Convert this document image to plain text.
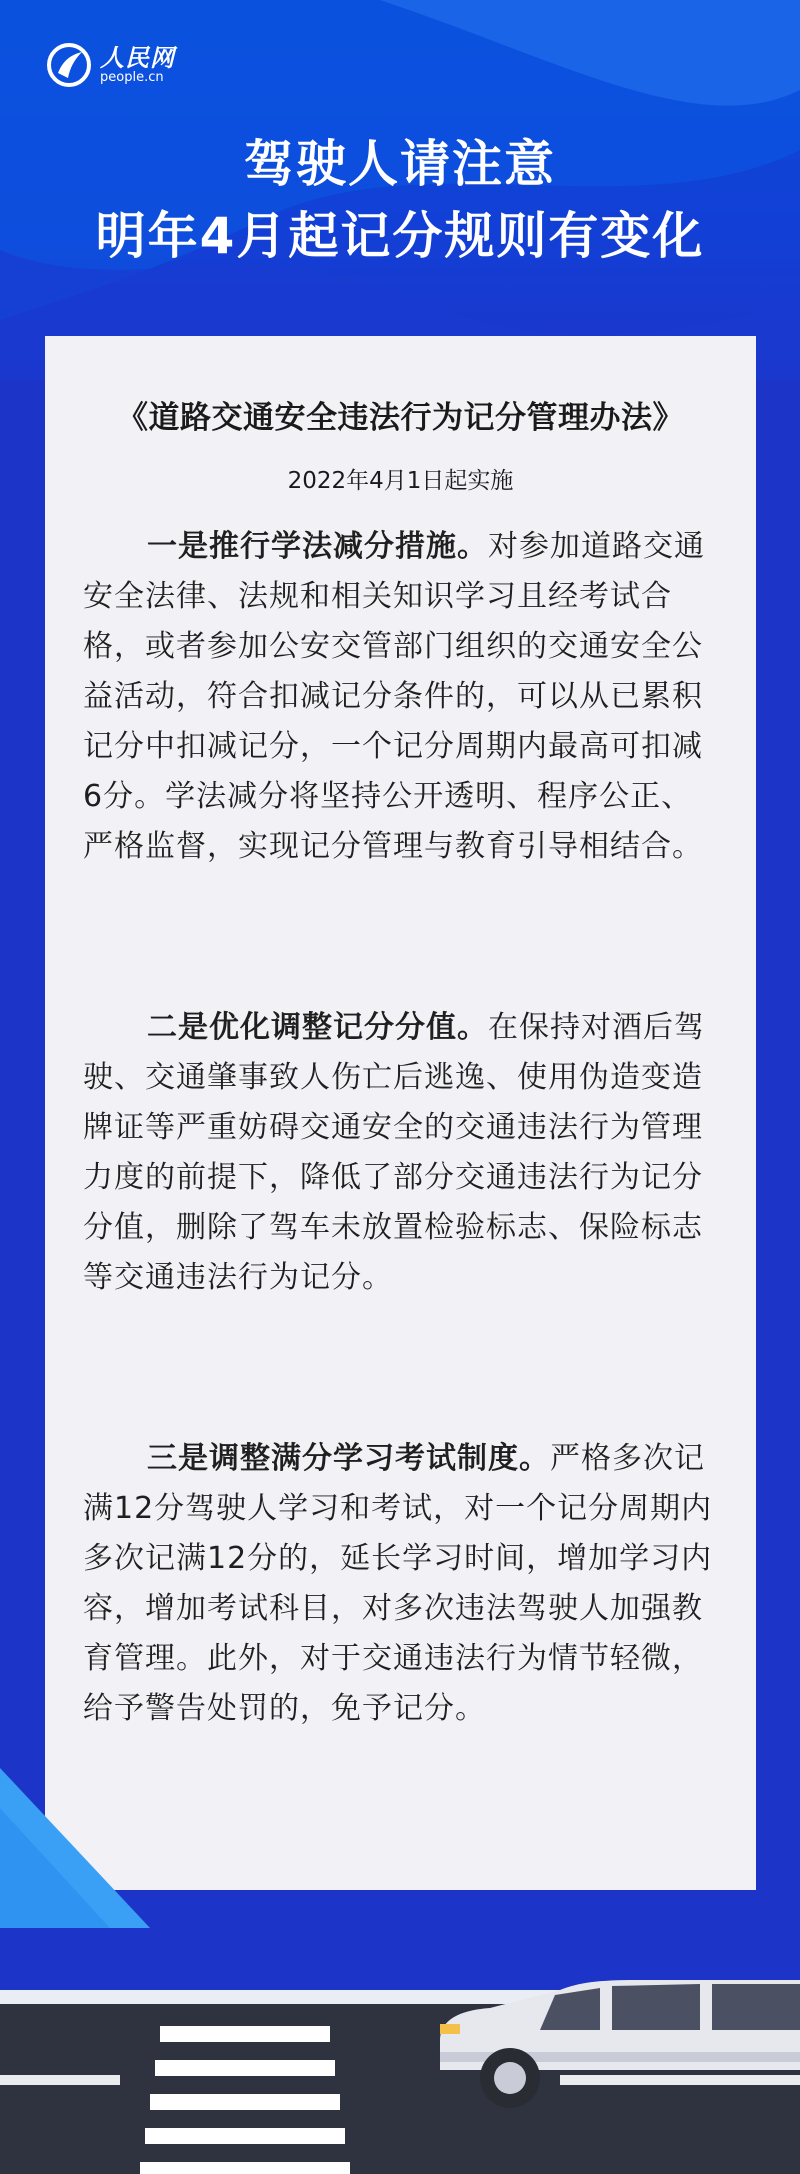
人民网
people.cn
驾驶人请注意
明年4月起记分规则有变化
《道路交通安全违法行为记分管理办法》
2022年4月1日起实施

一是推行学法减分措施。对参加道路交通安全法律、法规和相关知识学习且经考试合格，或者参加公安交管部门组织的交通安全公益活动，符合扣减记分条件的，可以从已累积记分中扣减记分，一个记分周期内最高可扣减6分。学法减分将坚持公开透明、程序公正、严格监督，实现记分管理与教育引导相结合。

二是优化调整记分分值。在保持对酒后驾驶、交通肇事致人伤亡后逃逸、使用伪造变造牌证等严重妨碍交通安全的交通违法行为管理力度的前提下，降低了部分交通违法行为记分分值，删除了驾车未放置检验标志、保险标志等交通违法行为记分。

三是调整满分学习考试制度。严格多次记满12分驾驶人学习和考试，对一个记分周期内多次记满12分的，延长学习时间，增加学习内容，增加考试科目，对多次违法驾驶人加强教育管理。此外，对于交通违法行为情节轻微，给予警告处罚的，免予记分。
